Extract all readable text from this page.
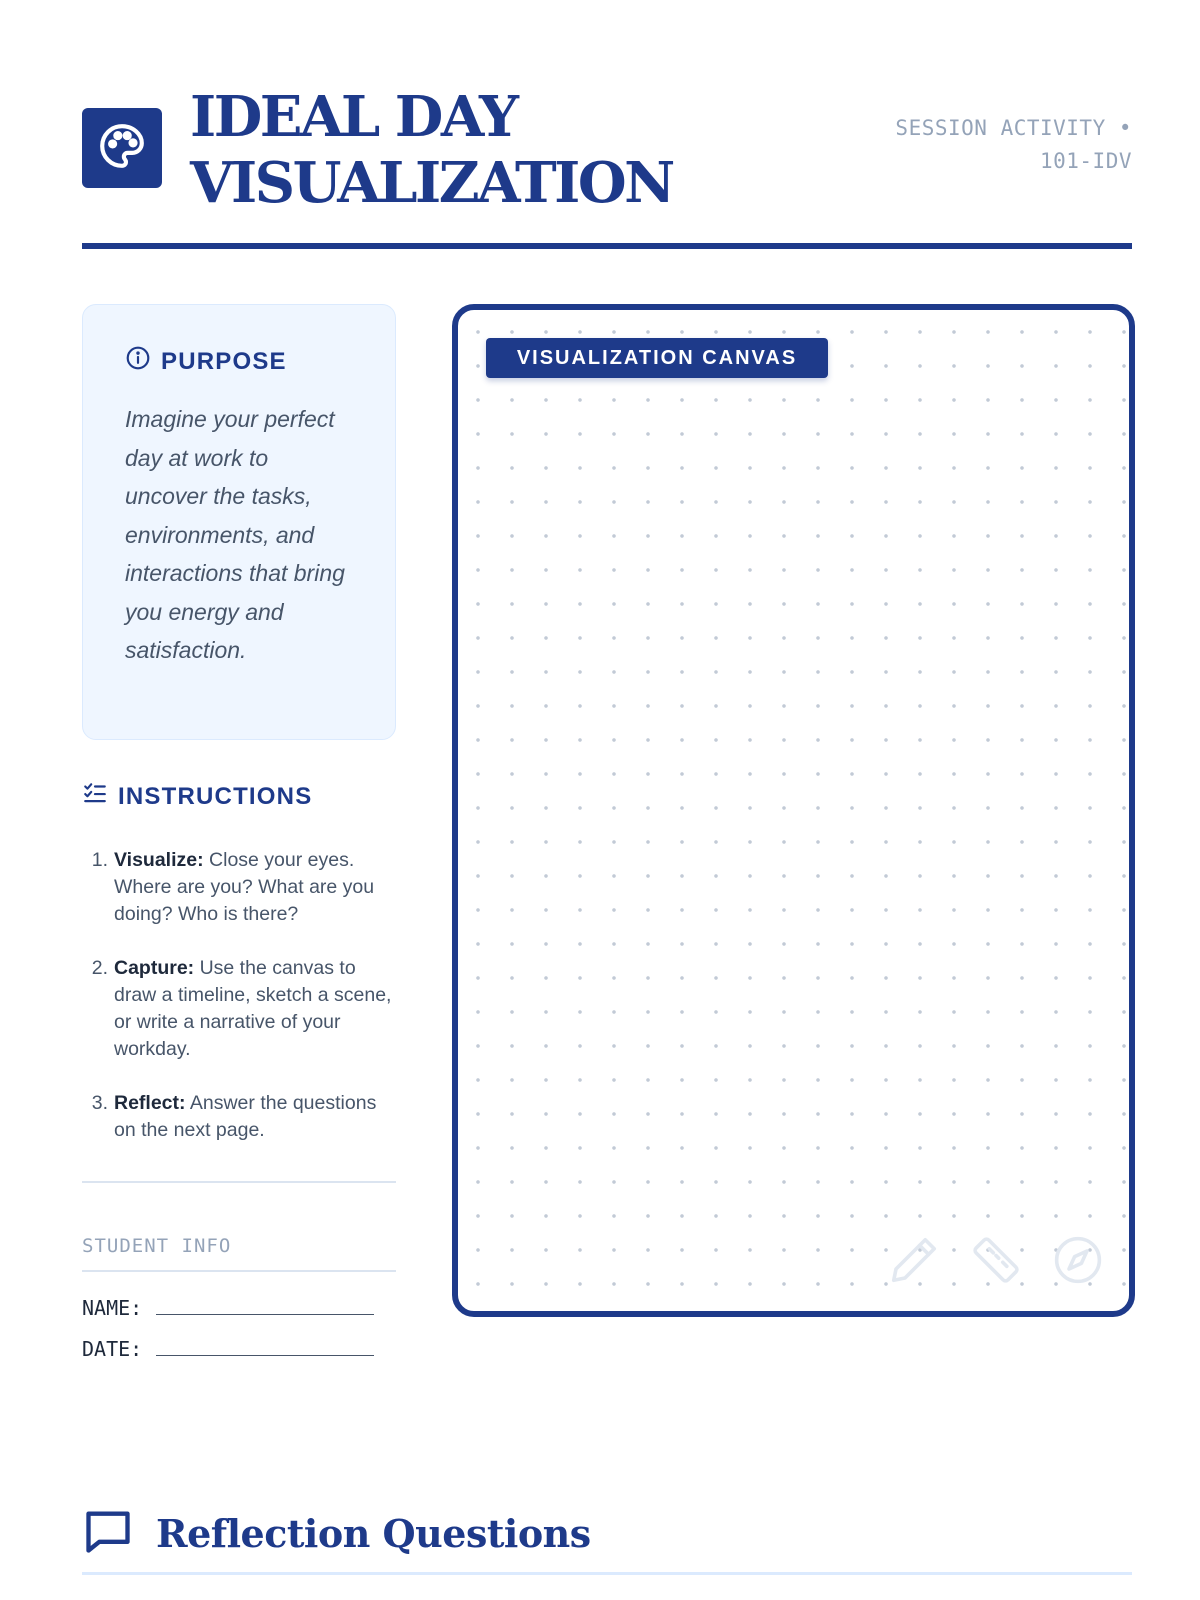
IDEAL DAY
VISUALIZATION
SESSION ACTIVITY •
101-IDV
PURPOSE

Imagine your perfect day at work to uncover the tasks, environments, and interactions that bring you energy and satisfaction.

INSTRUCTIONS
1. Visualize: Close your eyes. Where are you? What are you doing? Who is there?
2. Capture: Use the canvas to draw a timeline, sketch a scene, or write a narrative of your workday.
3. Reflect: Answer the questions on the next page.
STUDENT INFO
NAME:
DATE:
VISUALIZATION CANVAS
Reflection Questions
